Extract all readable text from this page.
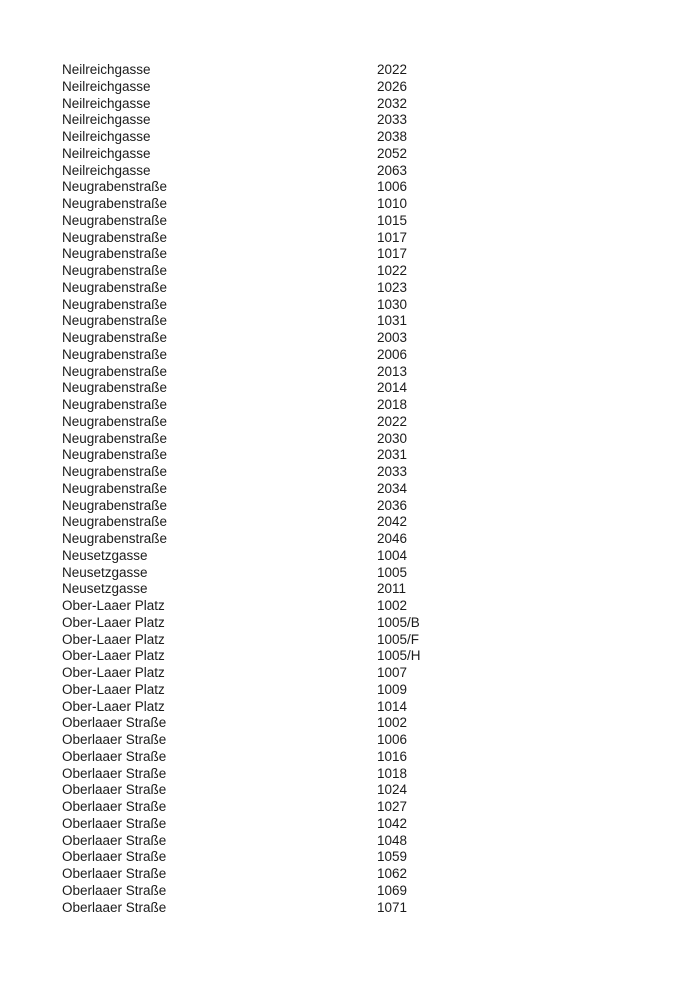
Neilreichgasse	2022
Neilreichgasse	2026
Neilreichgasse	2032
Neilreichgasse	2033
Neilreichgasse	2038
Neilreichgasse	2052
Neilreichgasse	2063
Neugrabenstraße	1006
Neugrabenstraße	1010
Neugrabenstraße	1015
Neugrabenstraße	1017
Neugrabenstraße	1017
Neugrabenstraße	1022
Neugrabenstraße	1023
Neugrabenstraße	1030
Neugrabenstraße	1031
Neugrabenstraße	2003
Neugrabenstraße	2006
Neugrabenstraße	2013
Neugrabenstraße	2014
Neugrabenstraße	2018
Neugrabenstraße	2022
Neugrabenstraße	2030
Neugrabenstraße	2031
Neugrabenstraße	2033
Neugrabenstraße	2034
Neugrabenstraße	2036
Neugrabenstraße	2042
Neugrabenstraße	2046
Neusetzgasse	1004
Neusetzgasse	1005
Neusetzgasse	2011
Ober-Laaer Platz	1002
Ober-Laaer Platz	1005/B
Ober-Laaer Platz	1005/F
Ober-Laaer Platz	1005/H
Ober-Laaer Platz	1007
Ober-Laaer Platz	1009
Ober-Laaer Platz	1014
Oberlaaer Straße	1002
Oberlaaer Straße	1006
Oberlaaer Straße	1016
Oberlaaer Straße	1018
Oberlaaer Straße	1024
Oberlaaer Straße	1027
Oberlaaer Straße	1042
Oberlaaer Straße	1048
Oberlaaer Straße	1059
Oberlaaer Straße	1062
Oberlaaer Straße	1069
Oberlaaer Straße	1071
